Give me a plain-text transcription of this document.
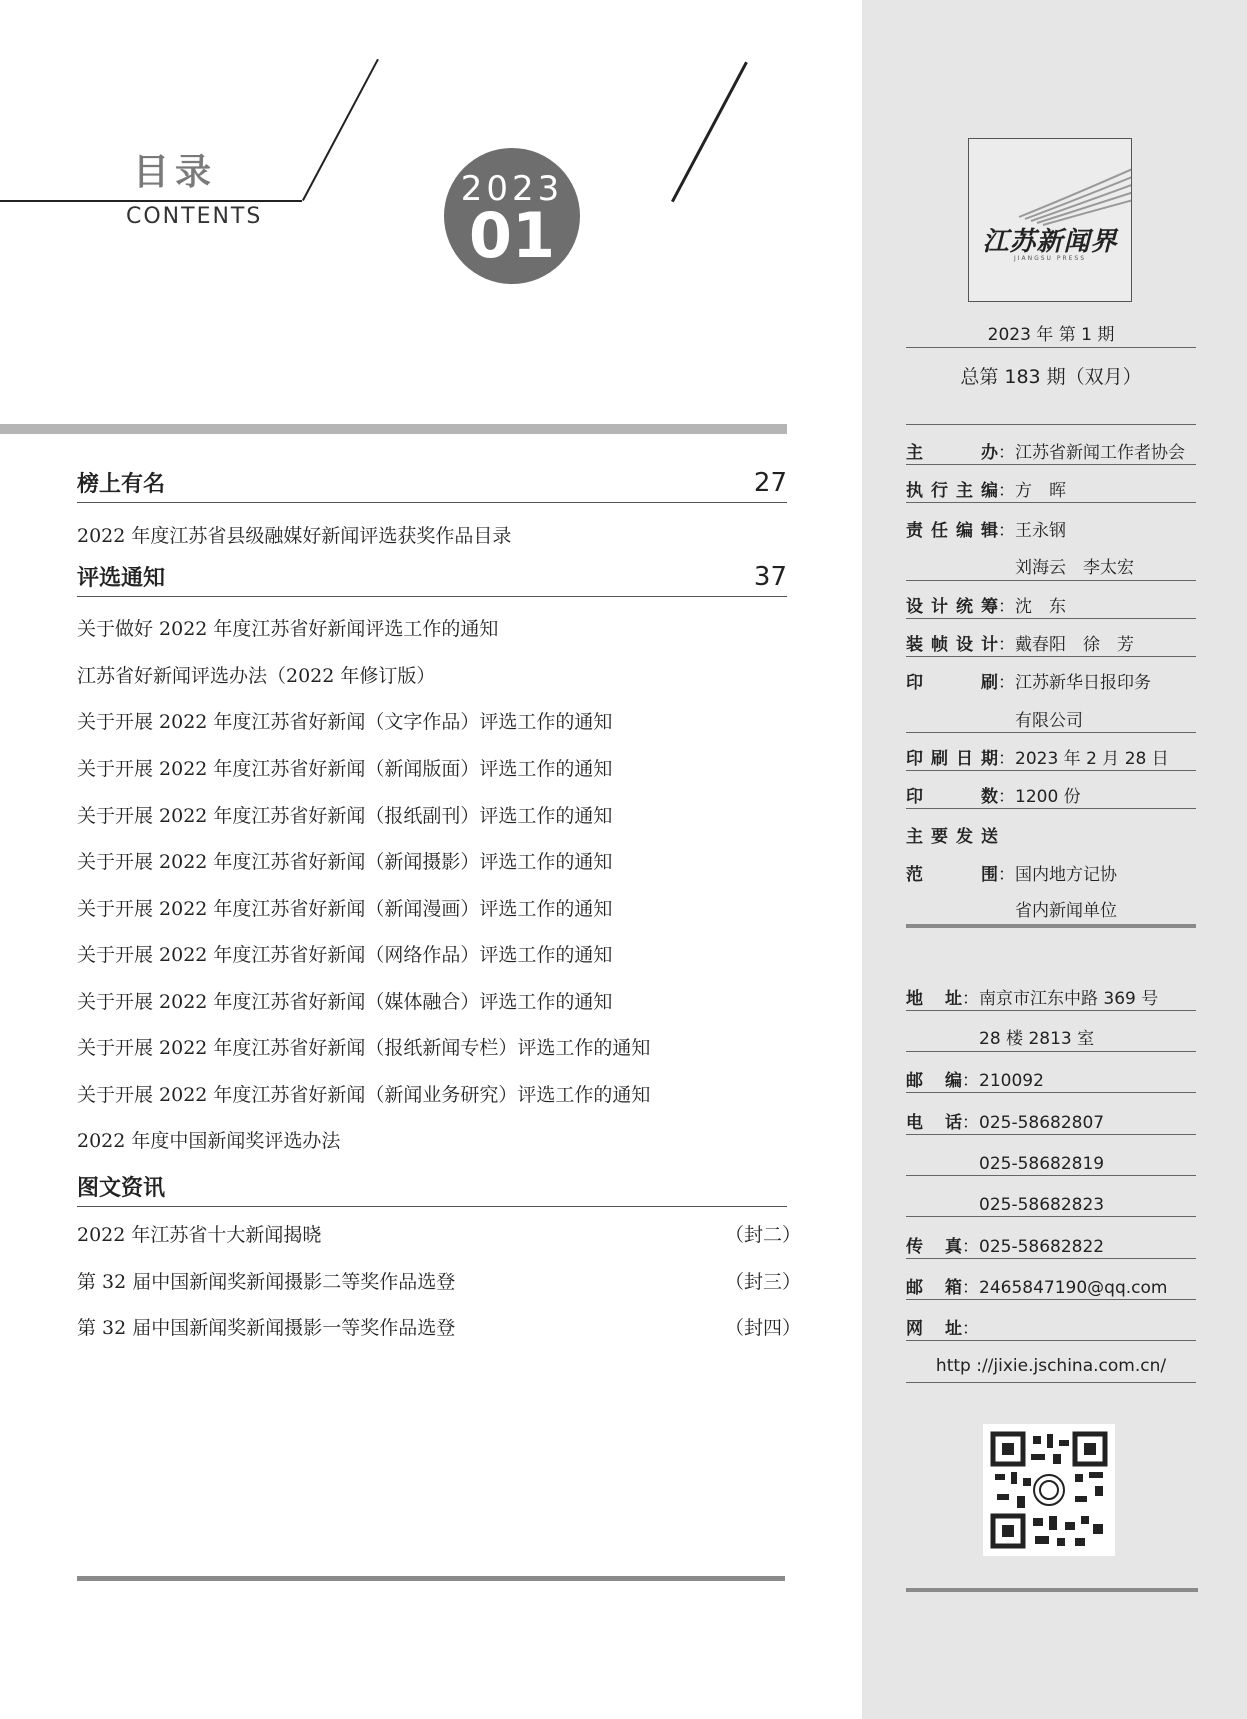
目录
CONTENTS
2023
01
榜上有名	27
2022 年度江苏省县级融媒好新闻评选获奖作品目录
评选通知	37
关于做好 2022 年度江苏省好新闻评选工作的通知
江苏省好新闻评选办法（2022 年修订版）
关于开展 2022 年度江苏省好新闻（文字作品）评选工作的通知
关于开展 2022 年度江苏省好新闻（新闻版面）评选工作的通知
关于开展 2022 年度江苏省好新闻（报纸副刊）评选工作的通知
关于开展 2022 年度江苏省好新闻（新闻摄影）评选工作的通知
关于开展 2022 年度江苏省好新闻（新闻漫画）评选工作的通知
关于开展 2022 年度江苏省好新闻（网络作品）评选工作的通知
关于开展 2022 年度江苏省好新闻（媒体融合）评选工作的通知
关于开展 2022 年度江苏省好新闻（报纸新闻专栏）评选工作的通知
关于开展 2022 年度江苏省好新闻（新闻业务研究）评选工作的通知
2022 年度中国新闻奖评选办法
图文资讯
2022 年江苏省十大新闻揭晓	（封二）
第 32 届中国新闻奖新闻摄影二等奖作品选登	（封三）
第 32 届中国新闻奖新闻摄影一等奖作品选登	（封四）
江苏新闻界
JIANGSU PRESS
2023 年 第 1 期
总第 183 期（双月）
主　办：江苏省新闻工作者协会
执行主编：方　晖
责任编辑：王永钢
　刘海云　李太宏
设计统筹：沈　东
装帧设计：戴春阳　徐　芳
印　刷：江苏新华日报印务
　有限公司
印刷日期：2023 年 2 月 28 日
印　数：1200 份
主要发送
范　围：国内地方记协
　省内新闻单位
地　址：南京市江东中路 369 号
　28 楼 2813 室
邮　编：210092
电　话：025-58682807
　025-58682819
　025-58682823
传　真：025-58682822
邮　箱：2465847190@qq.com
网　址：
http ://jixie.jschina.com.cn/
